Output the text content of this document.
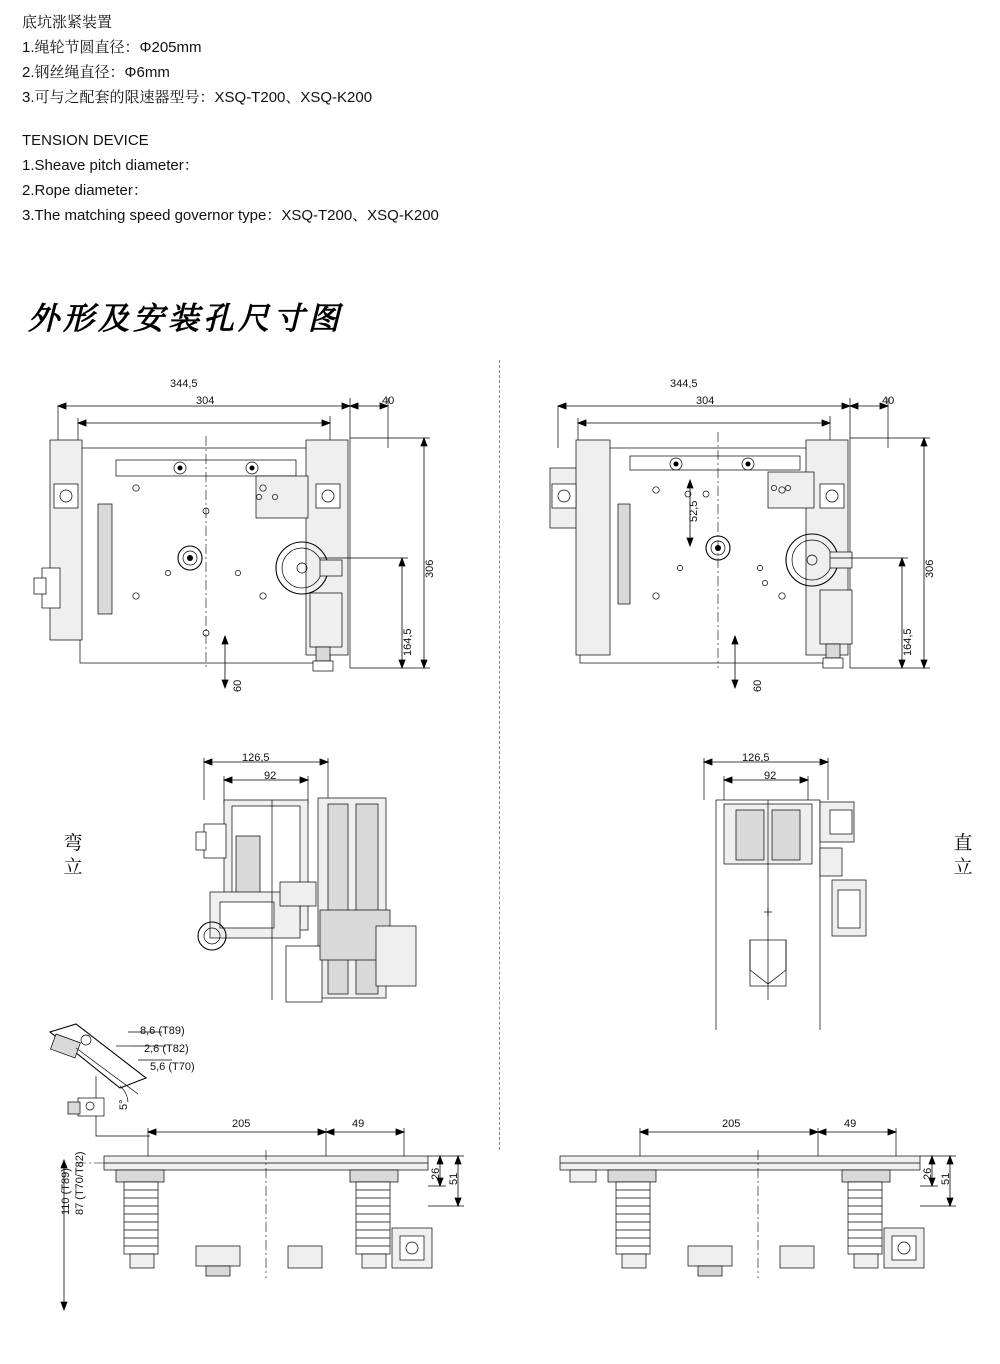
底坑涨紧装置
1.绳轮节圆直径：Φ205mm
2.钢丝绳直径：Φ6mm
3.可与之配套的限速器型号：XSQ-T200、XSQ-K200
TENSION DEVICE
1.Sheave pitch diameter：
2.Rope diameter：
3.The matching speed governor type：XSQ-T200、XSQ-K200
外形及安装孔尺寸图
弯
立
直
立
344,5
304	40
306
164,5
60
344,5
304	40
306
164,5
60
52,5
126,5
92
126,5
92
8,6 (T89)
2,6 (T82)
5,6 (T70)
5°
205	49
26 51
110 (T89) 87 (T70/T82)
205	49
26 51
